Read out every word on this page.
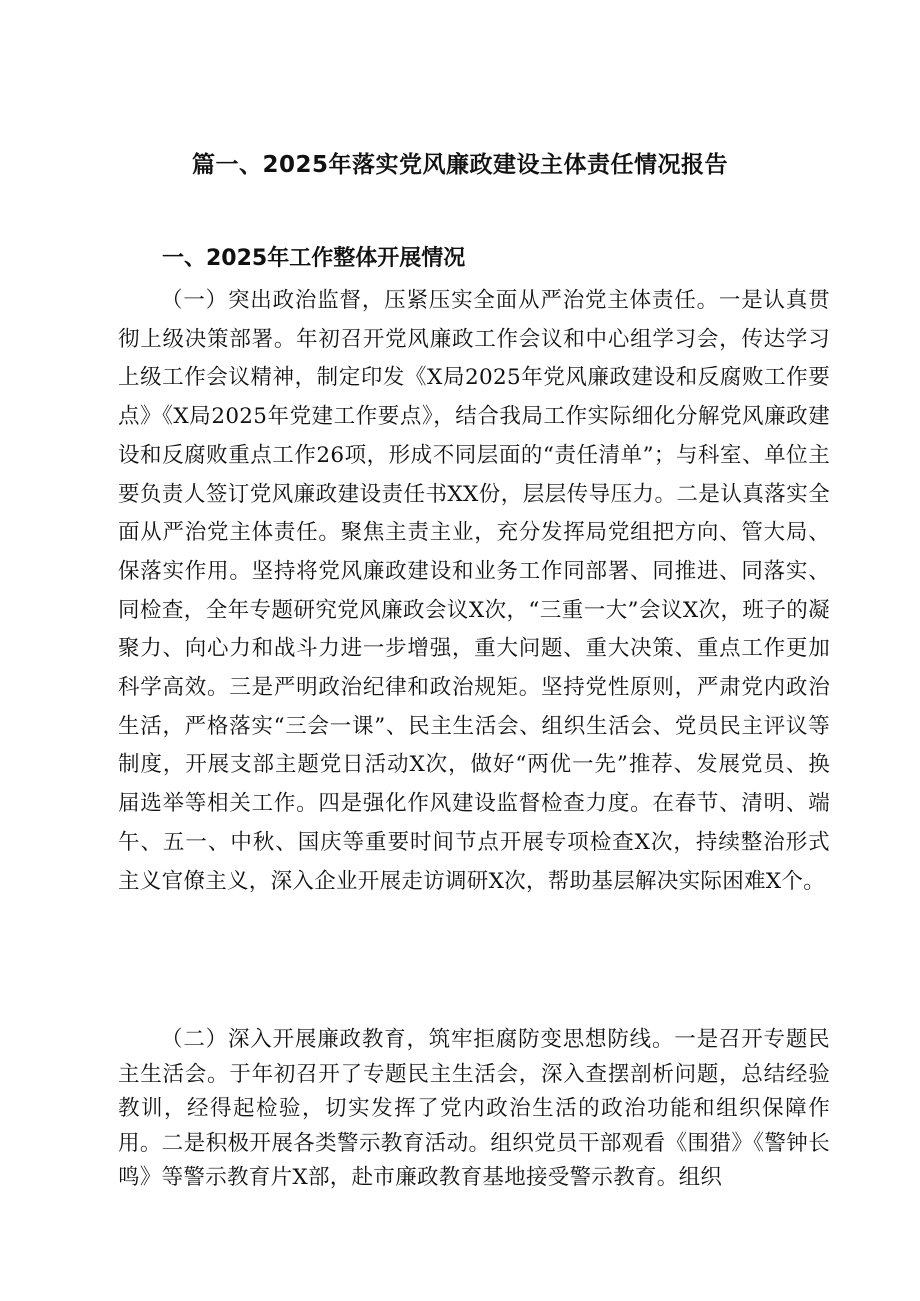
篇一、2025年落实党风廉政建设主体责任情况报告
一、2025年工作整体开展情况

（一）突出政治监督，压紧压实全面从严治党主体责任。一是认真贯彻上级决策部署。年初召开党风廉政工作会议和中心组学习会，传达学习上级工作会议精神，制定印发《X局2025年党风廉政建设和反腐败工作要点》《X局2025年党建工作要点》，结合我局工作实际细化分解党风廉政建设和反腐败重点工作26项，形成不同层面的“责任清单”；与科室、单位主要负责人签订党风廉政建设责任书XX份，层层传导压力。二是认真落实全面从严治党主体责任。聚焦主责主业，充分发挥局党组把方向、管大局、保落实作用。坚持将党风廉政建设和业务工作同部署、同推进、同落实、同检查，全年专题研究党风廉政会议X次，“三重一大”会议X次，班子的凝聚力、向心力和战斗力进一步增强，重大问题、重大决策、重点工作更加科学高效。三是严明政治纪律和政治规矩。坚持党性原则，严肃党内政治生活，严格落实“三会一课”、民主生活会、组织生活会、党员民主评议等制度，开展支部主题党日活动X次，做好“两优一先”推荐、发展党员、换届选举等相关工作。四是强化作风建设监督检查力度。在春节、清明、端午、五一、中秋、国庆等重要时间节点开展专项检查X次，持续整治形式主义官僚主义，深入企业开展走访调研X次，帮助基层解决实际困难X个。

（二）深入开展廉政教育，筑牢拒腐防变思想防线。一是召开专题民主生活会。于年初召开了专题民主生活会，深入查摆剖析问题，总结经验教训，经得起检验，切实发挥了党内政治生活的政治功能和组织保障作用。二是积极开展各类警示教育活动。组织党员干部观看《围猎》《警钟长鸣》等警示教育片X部，赴市廉政教育基地接受警示教育。组织
